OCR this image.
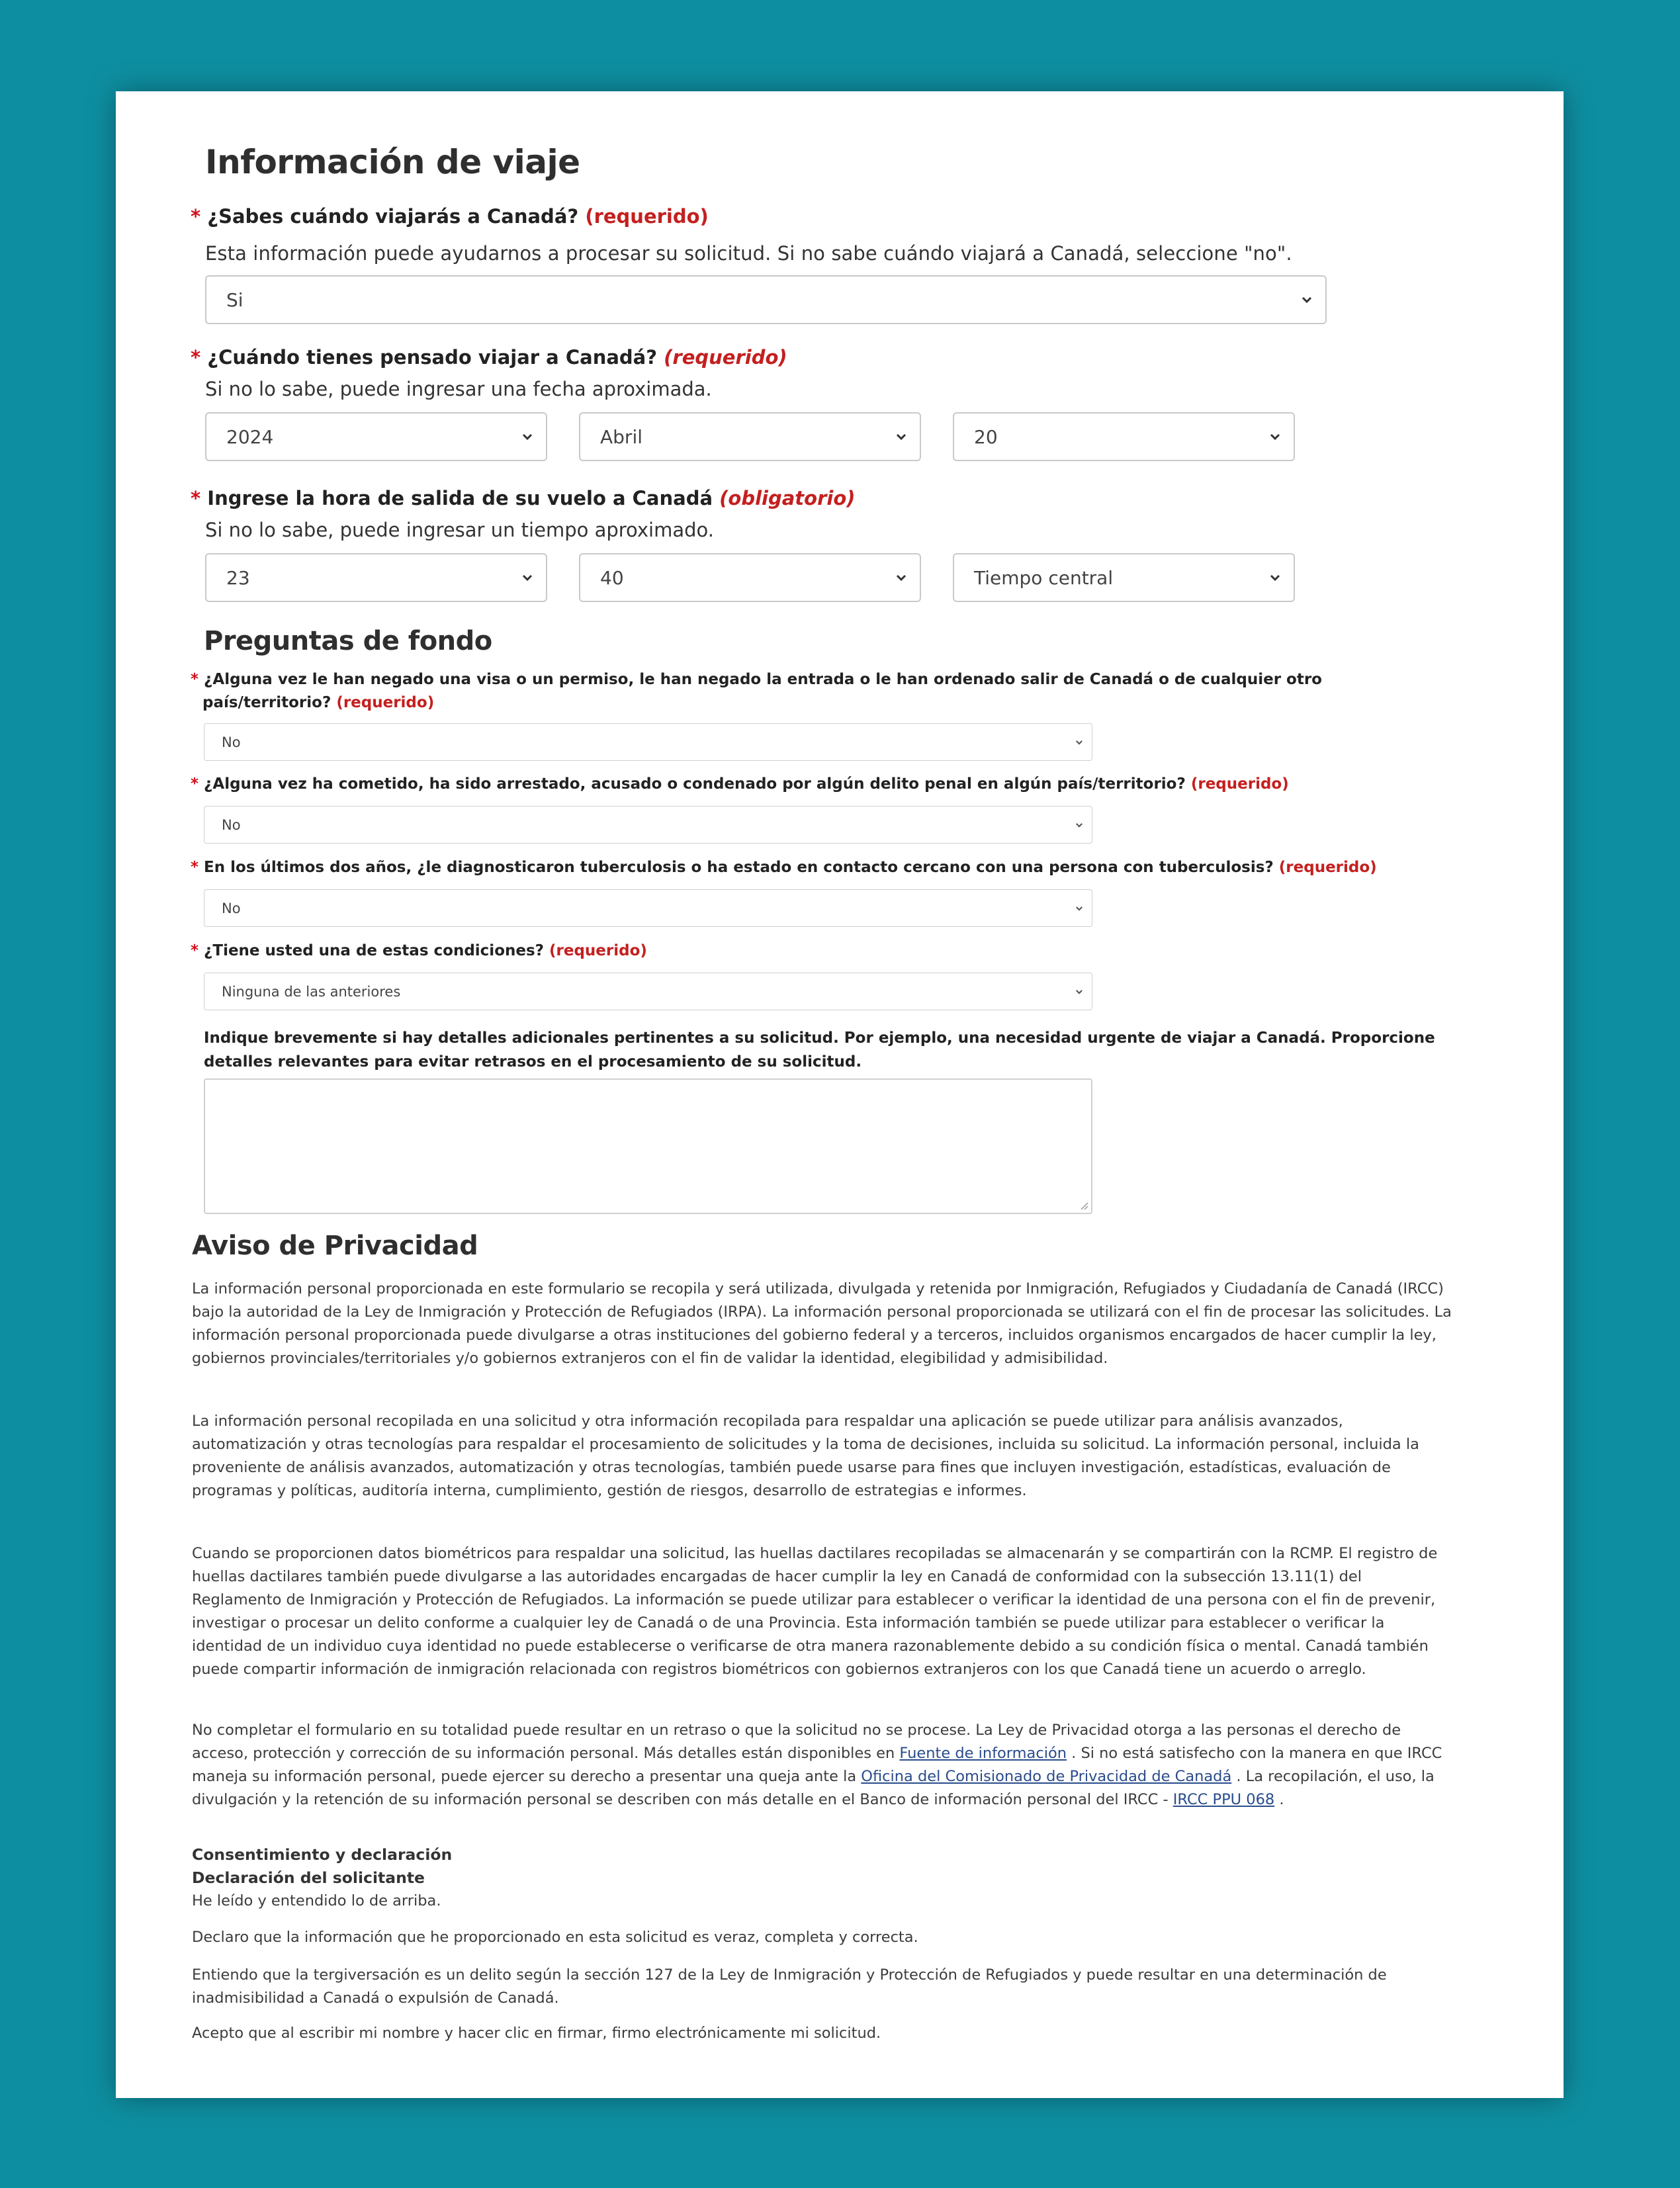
Información de viaje
* ¿Sabes cuándo viajarás a Canadá? (requerido)
Esta información puede ayudarnos a procesar su solicitud. Si no sabe cuándo viajará a Canadá, seleccione "no".
Si
* ¿Cuándo tienes pensado viajar a Canadá? (requerido)
Si no lo sabe, puede ingresar una fecha aproximada.
2024	Abril	20
* Ingrese la hora de salida de su vuelo a Canadá (obligatorio)
Si no lo sabe, puede ingresar un tiempo aproximado.
23	40	Tiempo central
Preguntas de fondo
* ¿Alguna vez le han negado una visa o un permiso, le han negado la entrada o le han ordenado salir de Canadá o de cualquier otro
país/territorio? (requerido)
No
* ¿Alguna vez ha cometido, ha sido arrestado, acusado o condenado por algún delito penal en algún país/territorio? (requerido)
No
* En los últimos dos años, ¿le diagnosticaron tuberculosis o ha estado en contacto cercano con una persona con tuberculosis? (requerido)
No
* ¿Tiene usted una de estas condiciones? (requerido)
Ninguna de las anteriores
Indique brevemente si hay detalles adicionales pertinentes a su solicitud. Por ejemplo, una necesidad urgente de viajar a Canadá. Proporcione
detalles relevantes para evitar retrasos en el procesamiento de su solicitud.
Aviso de Privacidad

La información personal proporcionada en este formulario se recopila y será utilizada, divulgada y retenida por Inmigración, Refugiados y Ciudadanía de Canadá (IRCC) bajo la autoridad de la Ley de Inmigración y Protección de Refugiados (IRPA). La información personal proporcionada se utilizará con el fin de procesar las solicitudes. La información personal proporcionada puede divulgarse a otras instituciones del gobierno federal y a terceros, incluidos organismos encargados de hacer cumplir la ley, gobiernos provinciales/territoriales y/o gobiernos extranjeros con el fin de validar la identidad, elegibilidad y admisibilidad.

La información personal recopilada en una solicitud y otra información recopilada para respaldar una aplicación se puede utilizar para análisis avanzados, automatización y otras tecnologías para respaldar el procesamiento de solicitudes y la toma de decisiones, incluida su solicitud. La información personal, incluida la proveniente de análisis avanzados, automatización y otras tecnologías, también puede usarse para fines que incluyen investigación, estadísticas, evaluación de programas y políticas, auditoría interna, cumplimiento, gestión de riesgos, desarrollo de estrategias e informes.

Cuando se proporcionen datos biométricos para respaldar una solicitud, las huellas dactilares recopiladas se almacenarán y se compartirán con la RCMP. El registro de huellas dactilares también puede divulgarse a las autoridades encargadas de hacer cumplir la ley en Canadá de conformidad con la subsección 13.11(1) del Reglamento de Inmigración y Protección de Refugiados. La información se puede utilizar para establecer o verificar la identidad de una persona con el fin de prevenir, investigar o procesar un delito conforme a cualquier ley de Canadá o de una Provincia. Esta información también se puede utilizar para establecer o verificar la identidad de un individuo cuya identidad no puede establecerse o verificarse de otra manera razonablemente debido a su condición física o mental. Canadá también puede compartir información de inmigración relacionada con registros biométricos con gobiernos extranjeros con los que Canadá tiene un acuerdo o arreglo.

No completar el formulario en su totalidad puede resultar en un retraso o que la solicitud no se procese. La Ley de Privacidad otorga a las personas el derecho de acceso, protección y corrección de su información personal. Más detalles están disponibles en Fuente de información . Si no está satisfecho con la manera en que IRCC maneja su información personal, puede ejercer su derecho a presentar una queja ante la Oficina del Comisionado de Privacidad de Canadá . La recopilación, el uso, la divulgación y la retención de su información personal se describen con más detalle en el Banco de información personal del IRCC - IRCC PPU 068 .

Consentimiento y declaración
Declaración del solicitante

He leído y entendido lo de arriba.

Declaro que la información que he proporcionado en esta solicitud es veraz, completa y correcta.

Entiendo que la tergiversación es un delito según la sección 127 de la Ley de Inmigración y Protección de Refugiados y puede resultar en una determinación de inadmisibilidad a Canadá o expulsión de Canadá.

Acepto que al escribir mi nombre y hacer clic en firmar, firmo electrónicamente mi solicitud.
